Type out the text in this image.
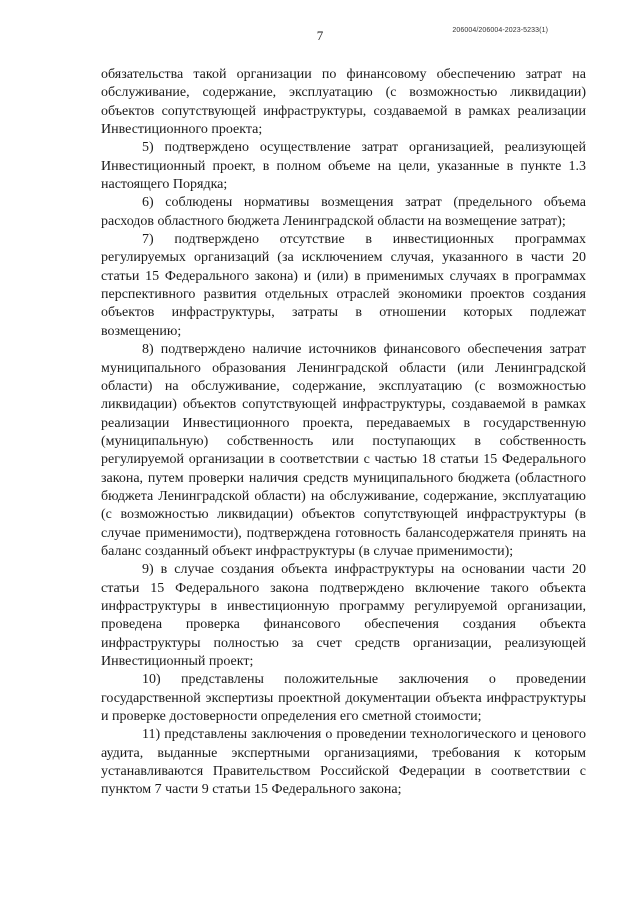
7	206004/206004-2023-5233(1)

обязательства такой организации по финансовому обеспечению затрат на обслуживание, содержание, эксплуатацию (с возможностью ликвидации) объектов сопутствующей инфраструктуры, создаваемой в рамках реализации Инвестиционного проекта;

5) подтверждено осуществление затрат организацией, реализующей Инвестиционный проект, в полном объеме на цели, указанные в пункте 1.3 настоящего Порядка;

6) соблюдены нормативы возмещения затрат (предельного объема расходов областного бюджета Ленинградской области на возмещение затрат);

7) подтверждено отсутствие в инвестиционных программах регулируемых организаций (за исключением случая, указанного в части 20 статьи 15 Федерального закона) и (или) в применимых случаях в программах перспективного развития отдельных отраслей экономики проектов создания объектов инфраструктуры, затраты в отношении которых подлежат возмещению;

8) подтверждено наличие источников финансового обеспечения затрат муниципального образования Ленинградской области (или Ленинградской области) на обслуживание, содержание, эксплуатацию (с возможностью ликвидации) объектов сопутствующей инфраструктуры, создаваемой в рамках реализации Инвестиционного проекта, передаваемых в государственную (муниципальную) собственность или поступающих в собственность регулируемой организации в соответствии с частью 18 статьи 15 Федерального закона, путем проверки наличия средств муниципального бюджета (областного бюджета Ленинградской области) на обслуживание, содержание, эксплуатацию (с возможностью ликвидации) объектов сопутствующей инфраструктуры (в случае применимости), подтверждена готовность балансодержателя принять на баланс созданный объект инфраструктуры (в случае применимости);

9) в случае создания объекта инфраструктуры на основании части 20 статьи 15 Федерального закона подтверждено включение такого объекта инфраструктуры в инвестиционную программу регулируемой организации, проведена проверка финансового обеспечения создания объекта инфраструктуры полностью за счет средств организации, реализующей Инвестиционный проект;

10) представлены положительные заключения о проведении государственной экспертизы проектной документации объекта инфраструктуры и проверке достоверности определения его сметной стоимости;

11) представлены заключения о проведении технологического и ценового аудита, выданные экспертными организациями, требования к которым устанавливаются Правительством Российской Федерации в соответствии с пунктом 7 части 9 статьи 15 Федерального закона;
